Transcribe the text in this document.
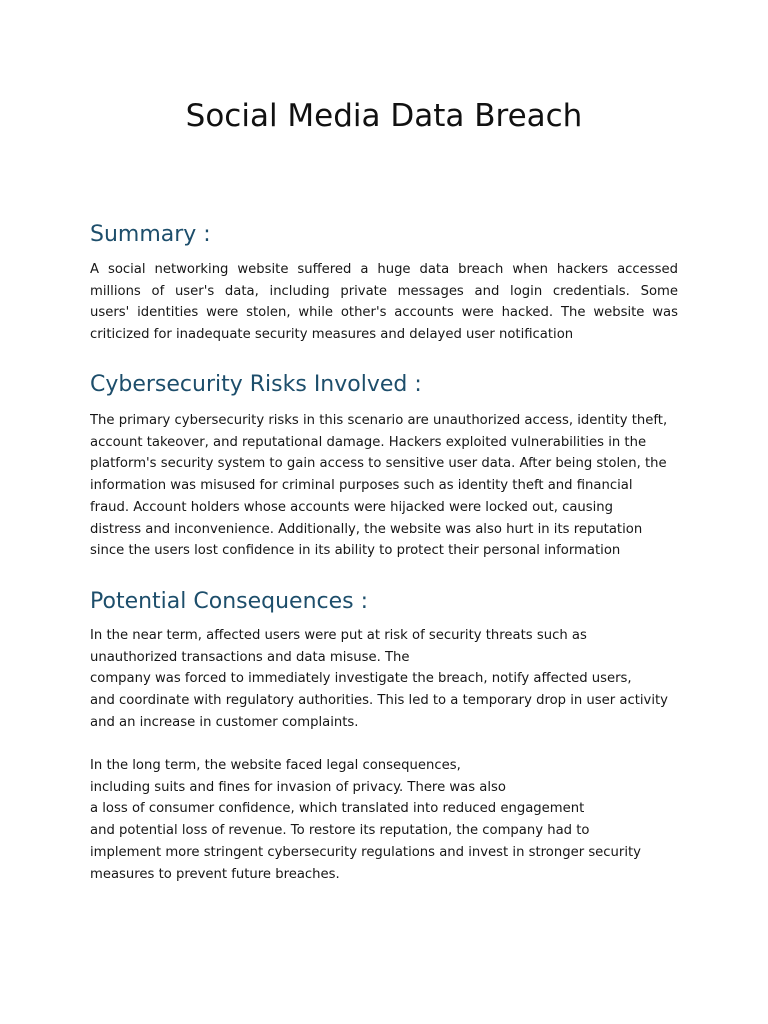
Social Media Data Breach
Summary :
A social networking website suffered a huge data breach when hackers accessed
millions of user's data, including private messages and login credentials. Some
users' identities were stolen, while other's accounts were hacked. The website was
criticized for inadequate security measures and delayed user notification
Cybersecurity Risks Involved :
The primary cybersecurity risks in this scenario are unauthorized access, identity theft,
account takeover, and reputational damage. Hackers exploited vulnerabilities in the
platform's security system to gain access to sensitive user data. After being stolen, the
information was misused for criminal purposes such as identity theft and financial
fraud. Account holders whose accounts were hijacked were locked out, causing
distress and inconvenience. Additionally, the website was also hurt in its reputation
since the users lost confidence in its ability to protect their personal information
Potential Consequences :
In the near term, affected users were put at risk of security threats such as
unauthorized transactions and data misuse. The
company was forced to immediately investigate the breach, notify affected users,
and coordinate with regulatory authorities. This led to a temporary drop in user activity
and an increase in customer complaints.
In the long term, the website faced legal consequences,
including suits and fines for invasion of privacy. There was also
a loss of consumer confidence, which translated into reduced engagement
and potential loss of revenue. To restore its reputation, the company had to
implement more stringent cybersecurity regulations and invest in stronger security
measures to prevent future breaches.
